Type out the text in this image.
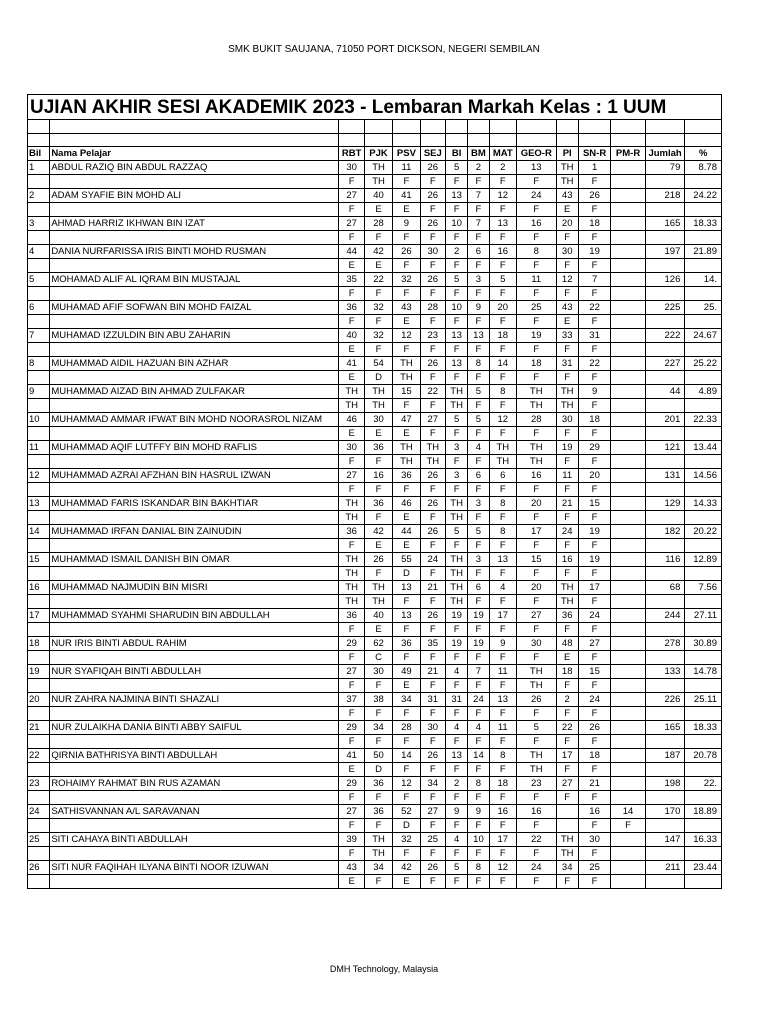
SMK BUKIT SAUJANA, 71050 PORT DICKSON, NEGERI SEMBILAN
UJIAN AKHIR SESI AKADEMIK 2023 - Lembaran Markah Kelas : 1 UUM

Bil	Nama Pelajar	RBT	PJK	PSV	SEJ	BI	BM	MAT	GEO-R	PI	SN-R	PM-R	Jumlah	%
1	ABDUL RAZIQ BIN ABDUL RAZZAQ	30	TH	11	26	5	2	2	13	TH	1		79	8.78
		F	TH	F	F	F	F	F	F	TH	F			
2	ADAM SYAFIE BIN MOHD ALI	27	40	41	26	13	7	12	24	43	26		218	24.22
		F	E	E	F	F	F	F	F	E	F			
3	AHMAD HARRIZ IKHWAN BIN IZAT	27	28	9	26	10	7	13	16	20	18		165	18.33
		F	F	F	F	F	F	F	F	F	F			
4	DANIA NURFARISSA IRIS BINTI MOHD RUSMAN	44	42	26	30	2	6	16	8	30	19		197	21.89
		E	E	F	F	F	F	F	F	F	F			
5	MOHAMAD ALIF AL IQRAM BIN MUSTAJAL	35	22	32	26	5	3	5	11	12	7		126	14.
		F	F	F	F	F	F	F	F	F	F			
6	MUHAMAD AFIF SOFWAN BIN MOHD FAIZAL	36	32	43	28	10	9	20	25	43	22		225	25.
		F	F	E	F	F	F	F	F	E	F			
7	MUHAMAD IZZULDIN BIN ABU ZAHARIN	40	32	12	23	13	13	18	19	33	31		222	24.67
		E	F	F	F	F	F	F	F	F	F			
8	MUHAMMAD AIDIL HAZUAN BIN AZHAR	41	54	TH	26	13	8	14	18	31	22		227	25.22
		E	D	TH	F	F	F	F	F	F	F			
9	MUHAMMAD AIZAD BIN AHMAD ZULFAKAR	TH	TH	15	22	TH	5	8	TH	TH	9		44	4.89
		TH	TH	F	F	TH	F	F	TH	TH	F			
10	MUHAMMAD AMMAR IFWAT BIN MOHD NOORASROL NIZAM	46	30	47	27	5	5	12	28	30	18		201	22.33
		E	E	E	F	F	F	F	F	F	F			
11	MUHAMMAD AQIF LUTFFY BIN MOHD RAFLIS	30	36	TH	TH	3	4	TH	TH	19	29		121	13.44
		F	F	TH	TH	F	F	TH	TH	F	F			
12	MUHAMMAD AZRAI AFZHAN BIN HASRUL IZWAN	27	16	36	26	3	6	6	16	11	20		131	14.56
		F	F	F	F	F	F	F	F	F	F			
13	MUHAMMAD FARIS ISKANDAR BIN BAKHTIAR	TH	36	46	26	TH	3	8	20	21	15		129	14.33
		TH	F	E	F	TH	F	F	F	F	F			
14	MUHAMMAD IRFAN DANIAL BIN ZAINUDIN	36	42	44	26	5	5	8	17	24	19		182	20.22
		F	E	E	F	F	F	F	F	F	F			
15	MUHAMMAD ISMAIL DANISH BIN OMAR	TH	26	55	24	TH	3	13	15	16	19		116	12.89
		TH	F	D	F	TH	F	F	F	F	F			
16	MUHAMMAD NAJMUDIN BIN MISRI	TH	TH	13	21	TH	6	4	20	TH	17		68	7.56
		TH	TH	F	F	TH	F	F	F	TH	F			
17	MUHAMMAD SYAHMI SHARUDIN BIN ABDULLAH	36	40	13	26	19	19	17	27	36	24		244	27.11
		F	E	F	F	F	F	F	F	F	F			
18	NUR IRIS BINTI ABDUL RAHIM	29	62	36	35	19	19	9	30	48	27		278	30.89
		F	C	F	F	F	F	F	F	E	F			
19	NUR SYAFIQAH BINTI ABDULLAH	27	30	49	21	4	7	11	TH	18	15		133	14.78
		F	F	E	F	F	F	F	TH	F	F			
20	NUR ZAHRA NAJMINA BINTI SHAZALI	37	38	34	31	31	24	13	26	2	24		226	25.11
		F	F	F	F	F	F	F	F	F	F			
21	NUR ZULAIKHA DANIA BINTI ABBY SAIFUL	29	34	28	30	4	4	11	5	22	26		165	18.33
		F	F	F	F	F	F	F	F	F	F			
22	QIRNIA BATHRISYA BINTI ABDULLAH	41	50	14	26	13	14	8	TH	17	18		187	20.78
		E	D	F	F	F	F	F	TH	F	F			
23	ROHAIMY RAHMAT BIN RUS AZAMAN	29	36	12	34	2	8	18	23	27	21		198	22.
		F	F	F	F	F	F	F	F	F	F			
24	SATHISVANNAN A/L SARAVANAN	27	36	52	27	9	9	16	16		16	14	170	18.89
		F	F	D	F	F	F	F	F		F	F		
25	SITI CAHAYA BINTI ABDULLAH	39	TH	32	25	4	10	17	22	TH	30		147	16.33
		F	TH	F	F	F	F	F	F	TH	F			
26	SITI NUR FAQIHAH ILYANA BINTI NOOR IZUWAN	43	34	42	26	5	8	12	24	34	25		211	23.44
		E	F	E	F	F	F	F	F	F	F			
DMH Technology, Malaysia
